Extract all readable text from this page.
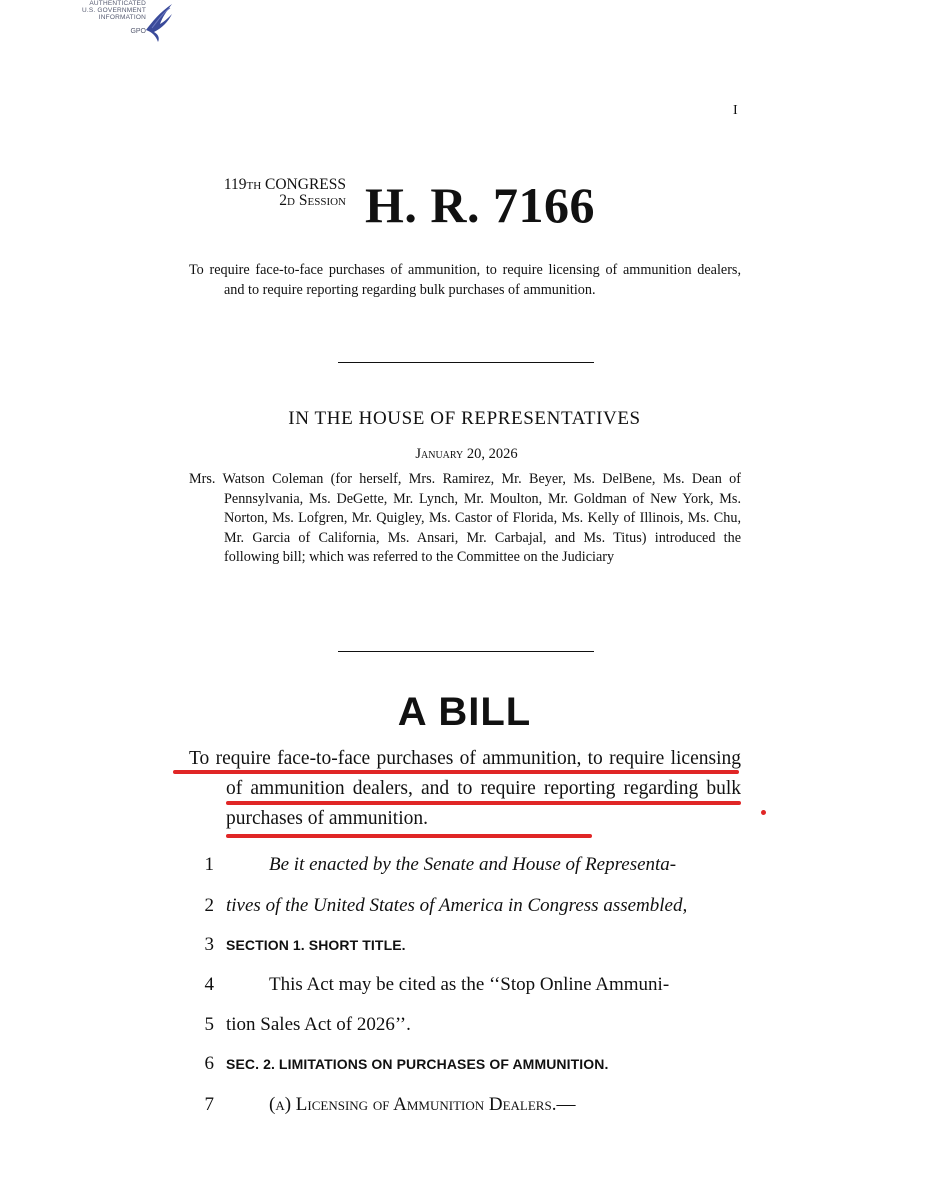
AUTHENTICATED
U.S. GOVERNMENT
INFORMATION
GPO
I
119th CONGRESS
2d Session H. R. 7166
To require face-to-face purchases of ammunition, to require licensing of ammunition dealers, and to require reporting regarding bulk purchases of ammunition.
IN THE HOUSE OF REPRESENTATIVES
January 20, 2026
Mrs. Watson Coleman (for herself, Mrs. Ramirez, Mr. Beyer, Ms. DelBene, Ms. Dean of Pennsylvania, Ms. DeGette, Mr. Lynch, Mr. Moulton, Mr. Goldman of New York, Ms. Norton, Ms. Lofgren, Mr. Quigley, Ms. Castor of Florida, Ms. Kelly of Illinois, Ms. Chu, Mr. Garcia of California, Ms. Ansari, Mr. Carbajal, and Ms. Titus) introduced the following bill; which was referred to the Committee on the Judiciary
A BILL
To require face-to-face purchases of ammunition, to require licensing of ammunition dealers, and to require reporting regarding bulk purchases of ammunition.
1	Be it enacted by the Senate and House of Representa-
2 tives of the United States of America in Congress assembled,
3 SECTION 1. SHORT TITLE.
4	This Act may be cited as the ‘‘Stop Online Ammuni-
5 tion Sales Act of 2026’’.
6 SEC. 2. LIMITATIONS ON PURCHASES OF AMMUNITION.
7	(a) Licensing of Ammunition Dealers.—
